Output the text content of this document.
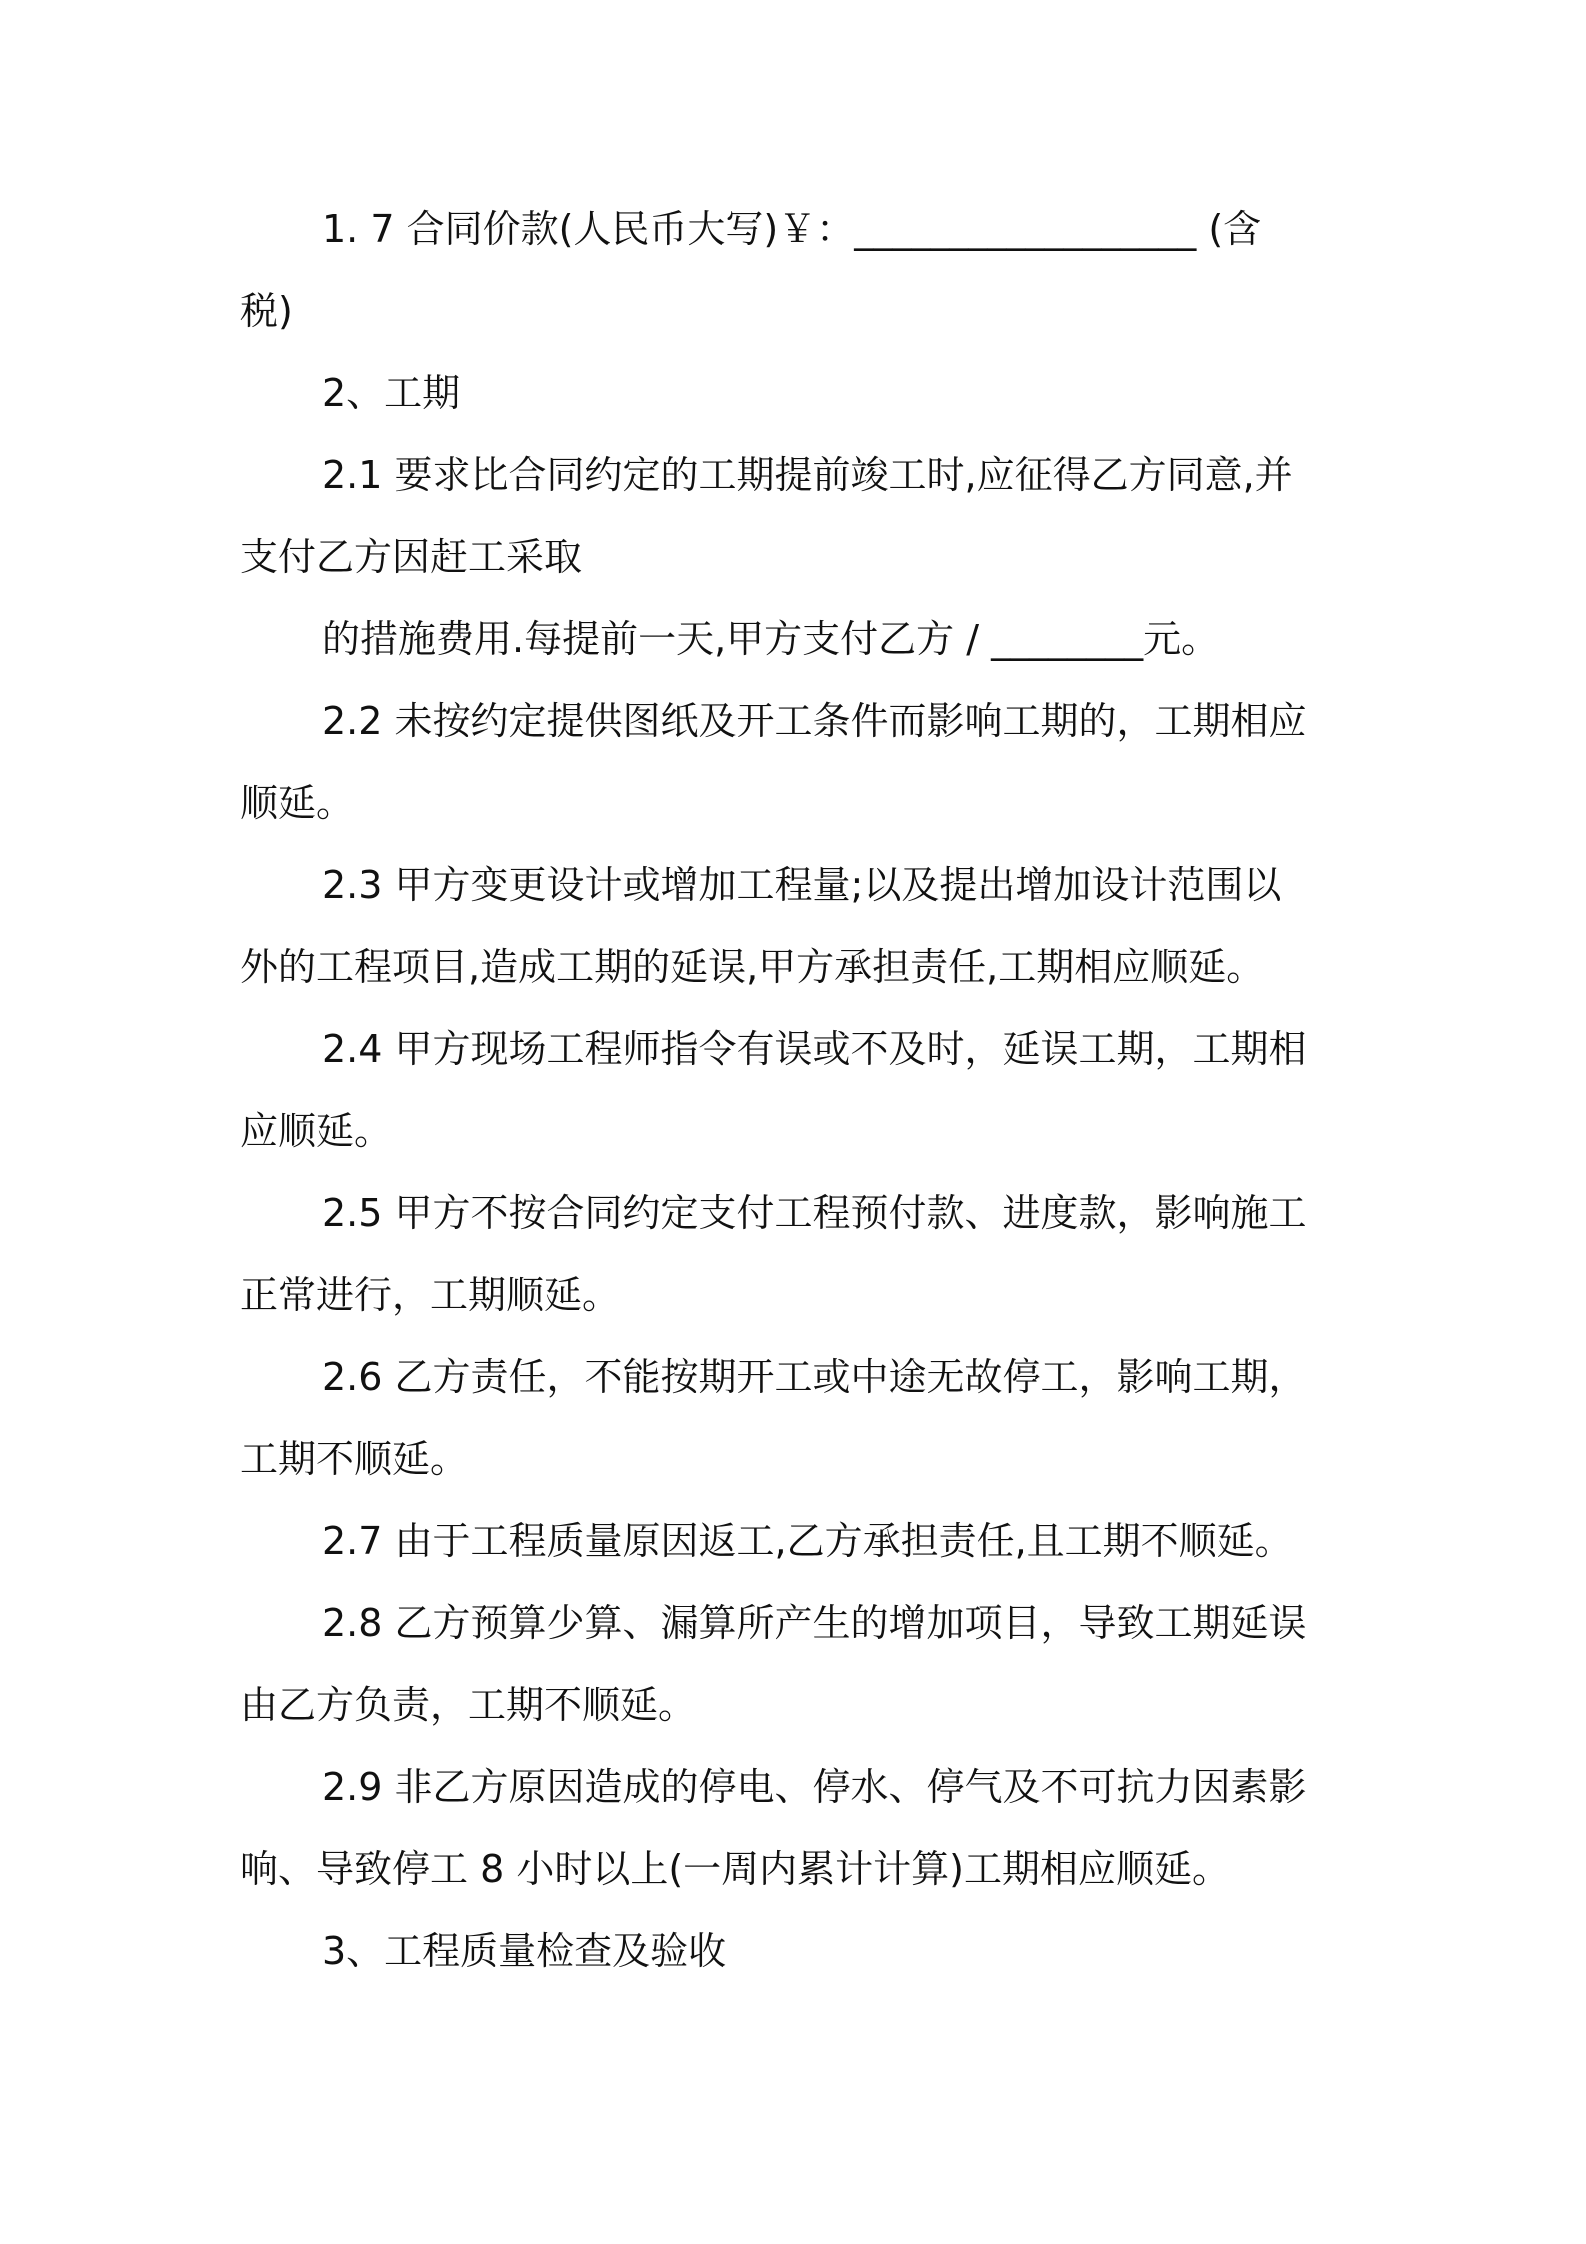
1. 7 合同价款(人民币大写)￥：__________________ (含
税)
2、工期
2.1 要求比合同约定的工期提前竣工时,应征得乙方同意,并
支付乙方因赶工采取
的措施费用.每提前一天,甲方支付乙方 / ________元。
2.2 未按约定提供图纸及开工条件而影响工期的，工期相应
顺延。
2.3 甲方变更设计或增加工程量;以及提出增加设计范围以
外的工程项目,造成工期的延误,甲方承担责任,工期相应顺延。
2.4 甲方现场工程师指令有误或不及时，延误工期，工期相
应顺延。
2.5 甲方不按合同约定支付工程预付款、进度款，影响施工
正常进行，工期顺延。
2.6 乙方责任，不能按期开工或中途无故停工，影响工期，
工期不顺延。
2.7 由于工程质量原因返工,乙方承担责任,且工期不顺延。
2.8 乙方预算少算、漏算所产生的增加项目，导致工期延误
由乙方负责，工期不顺延。
2.9 非乙方原因造成的停电、停水、停气及不可抗力因素影
响、导致停工 8 小时以上(一周内累计计算)工期相应顺延。
3、工程质量检查及验收
